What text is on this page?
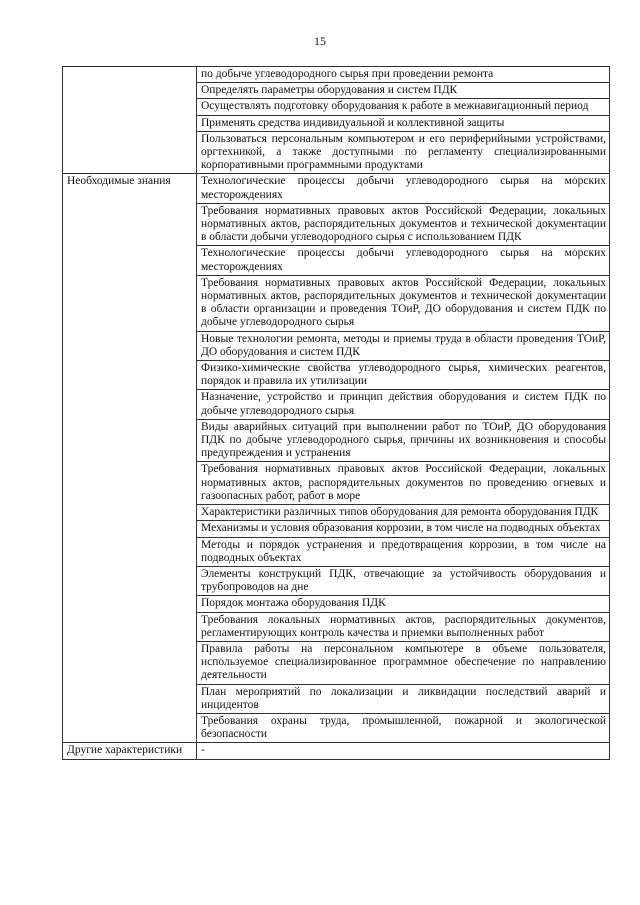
15

	по добыче углеводородного сырья при проведении ремонта

	Определять параметры оборудования и систем ПДК

	Осуществлять подготовку оборудования к работе в межнавигационный период

	Применять средства индивидуальной и коллективной защиты

	Пользоваться персональным компьютером и его периферийными устройствами, оргтехникой, а также доступными по регламенту специализированными корпоративными программными продуктами

Необходимые знания	Технологические процессы добычи углеводородного сырья на морских месторождениях

	Требования нормативных правовых актов Российской Федерации, локальных нормативных актов, распорядительных документов и технической документации в области добычи углеводородного сырья с использованием ПДК

	Технологические процессы добычи углеводородного сырья на морских месторождениях

	Требования нормативных правовых актов Российской Федерации, локальных нормативных актов, распорядительных документов и технической документации в области организации и проведения ТОиР, ДО оборудования и систем ПДК по добыче углеводородного сырья

	Новые технологии ремонта, методы и приемы труда в области проведения ТОиР, ДО оборудования и систем ПДК

	Физико-химические свойства углеводородного сырья, химических реагентов, порядок и правила их утилизации

	Назначение, устройство и принцип действия оборудования и систем ПДК по добыче углеводородного сырья

	Виды аварийных ситуаций при выполнении работ по ТОиР, ДО оборудования ПДК по добыче углеводородного сырья, причины их возникновения и способы предупреждения и устранения

	Требования нормативных правовых актов Российской Федерации, локальных нормативных актов, распорядительных документов по проведению огневых и газоопасных работ, работ в море

	Характеристики различных типов оборудования для ремонта оборудования ПДК

	Механизмы и условия образования коррозии, в том числе на подводных объектах

	Методы и порядок устранения и предотвращения коррозии, в том числе на подводных объектах

	Элементы конструкций ПДК, отвечающие за устойчивость оборудования и трубопроводов на дне

	Порядок монтажа оборудования ПДК

	Требования локальных нормативных актов, распорядительных документов, регламентирующих контроль качества и приемки выполненных работ

	Правила работы на персональном компьютере в объеме пользователя, используемое специализированное программное обеспечение по направлению деятельности

	План мероприятий по локализации и ликвидации последствий аварий и инцидентов

	Требования охраны труда, промышленной, пожарной и экологической безопасности

Другие характеристики	-
